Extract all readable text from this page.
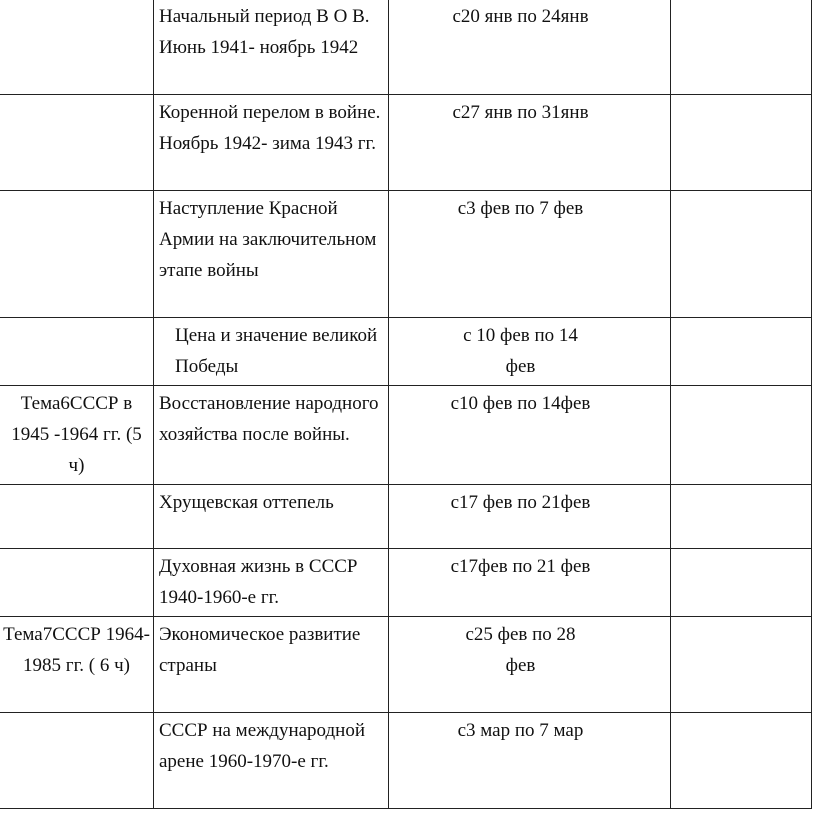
	Начальный период В О В. Июнь 1941- ноябрь 1942	с20 янв по 24янв	
	Коренной перелом в войне. Ноябрь 1942- зима 1943 гг.	с27 янв по 31янв	
	Наступление Красной Армии на заключительном этапе войны	с3 фев по 7 фев	
	Цена и значение великой Победы	с 10 фев по 14 фев	
Тема6СССР в 1945 -1964 гг. (5 ч)	Восстановление народного хозяйства после войны.	с10 фев по 14фев	
	Хрущевская оттепель	с17 фев по 21фев	
	Духовная жизнь в СССР 1940-1960-е гг.	с17фев по 21 фев	
Тема7СССР 1964-1985 гг. ( 6 ч)	Экономическое развитие страны	с25 фев по 28 фев	
	СССР на международной арене 1960-1970-е гг.	с3 мар по 7 мар	
